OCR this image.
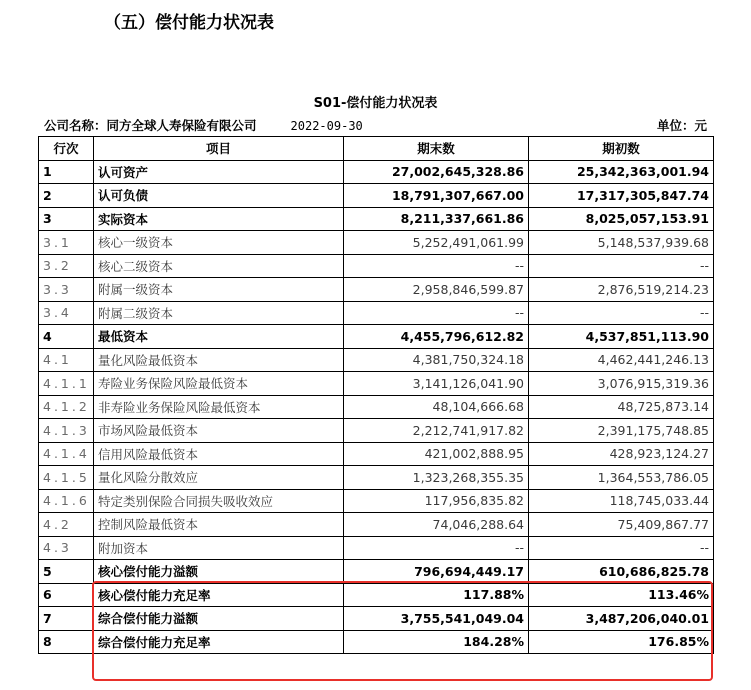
（五）偿付能力状况表
S01-偿付能力状况表
公司名称：同方全球人寿保险有限公司	2022-09-30	单位：元
行次	项目	期末数	期初数
1	认可资产	27,002,645,328.86	25,342,363,001.94
2	认可负债	18,791,307,667.00	17,317,305,847.74
3	实际资本	8,211,337,661.86	8,025,057,153.91
3.1	核心一级资本	5,252,491,061.99	5,148,537,939.68
3.2	核心二级资本	--	--
3.3	附属一级资本	2,958,846,599.87	2,876,519,214.23
3.4	附属二级资本	--	--
4	最低资本	4,455,796,612.82	4,537,851,113.90
4.1	量化风险最低资本	4,381,750,324.18	4,462,441,246.13
4.1.1	寿险业务保险风险最低资本	3,141,126,041.90	3,076,915,319.36
4.1.2	非寿险业务保险风险最低资本	48,104,666.68	48,725,873.14
4.1.3	市场风险最低资本	2,212,741,917.82	2,391,175,748.85
4.1.4	信用风险最低资本	421,002,888.95	428,923,124.27
4.1.5	量化风险分散效应	1,323,268,355.35	1,364,553,786.05
4.1.6	特定类别保险合同损失吸收效应	117,956,835.82	118,745,033.44
4.2	控制风险最低资本	74,046,288.64	75,409,867.77
4.3	附加资本	--	--
5	核心偿付能力溢额	796,694,449.17	610,686,825.78
6	核心偿付能力充足率	117.88%	113.46%
7	综合偿付能力溢额	3,755,541,049.04	3,487,206,040.01
8	综合偿付能力充足率	184.28%	176.85%
